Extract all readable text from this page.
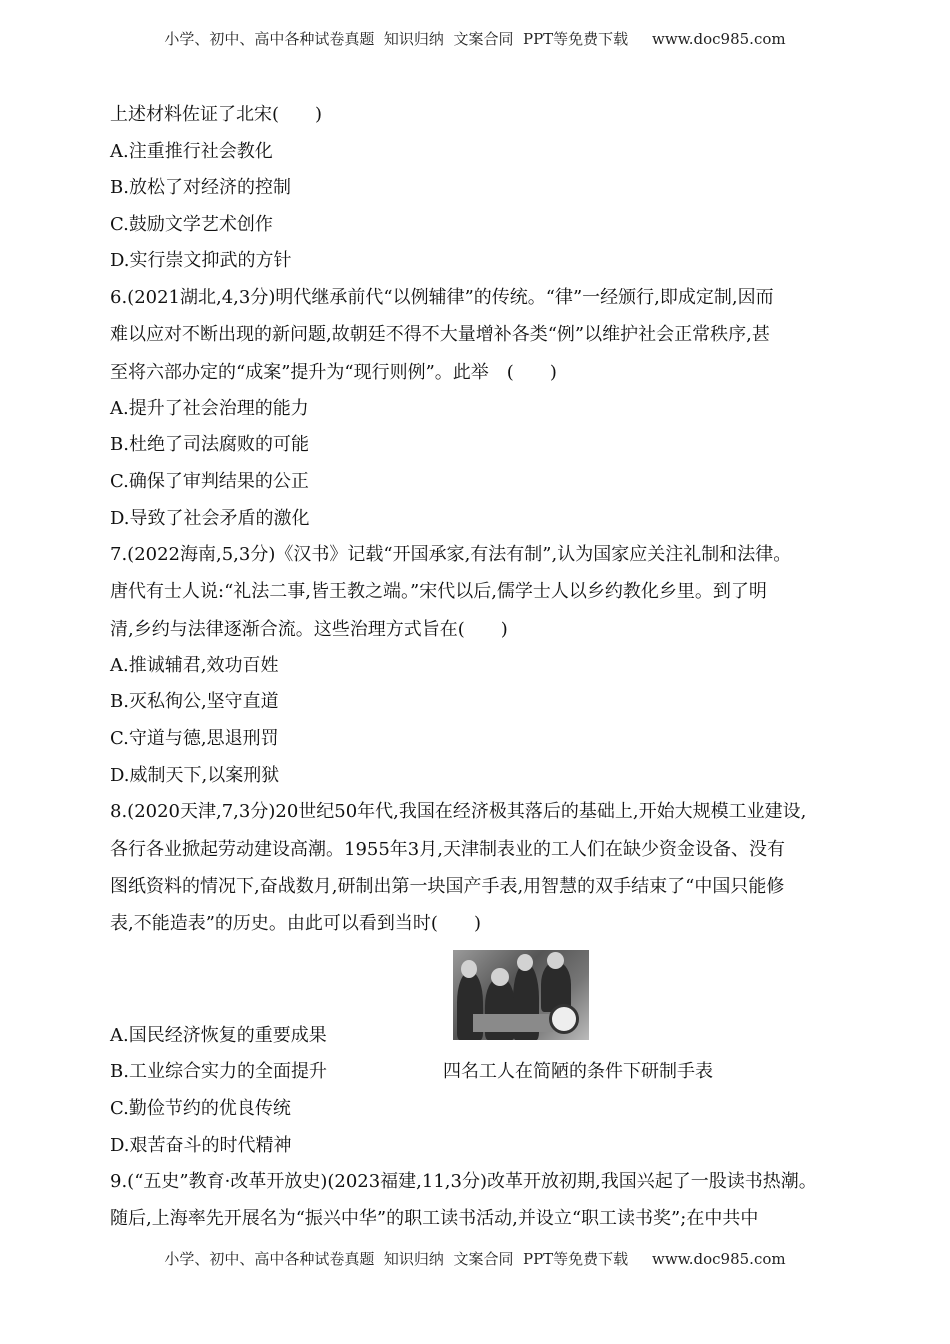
小学、初中、高中各种试卷真题  知识归纳  文案合同  PPT等免费下载     www.doc985.com
上述材料佐证了北宋(　　)
A.注重推行社会教化
B.放松了对经济的控制
C.鼓励文学艺术创作
D.实行崇文抑武的方针
6.(2021湖北,4,3分)明代继承前代“以例辅律”的传统。“律”一经颁行,即成定制,因而
难以应对不断出现的新问题,故朝廷不得不大量增补各类“例”以维护社会正常秩序,甚
至将六部办定的“成案”提升为“现行则例”。此举　(　　)
A.提升了社会治理的能力
B.杜绝了司法腐败的可能
C.确保了审判结果的公正
D.导致了社会矛盾的激化
7.(2022海南,5,3分)《汉书》记载“开国承家,有法有制”,认为国家应关注礼制和法律。
唐代有士人说:“礼法二事,皆王教之端。”宋代以后,儒学士人以乡约教化乡里。到了明
清,乡约与法律逐渐合流。这些治理方式旨在(　　)
A.推诚辅君,效功百姓
B.灭私徇公,坚守直道
C.守道与德,思退刑罚
D.威制天下,以案刑狱
8.(2020天津,7,3分)20世纪50年代,我国在经济极其落后的基础上,开始大规模工业建设,
各行各业掀起劳动建设高潮。1955年3月,天津制表业的工人们在缺少资金设备、没有
图纸资料的情况下,奋战数月,研制出第一块国产手表,用智慧的双手结束了“中国只能修
表,不能造表”的历史。由此可以看到当时(　　)
A.国民经济恢复的重要成果
B.工业综合实力的全面提升	四名工人在简陋的条件下研制手表
C.勤俭节约的优良传统
D.艰苦奋斗的时代精神
9.(“五史”教育·改革开放史)(2023福建,11,3分)改革开放初期,我国兴起了一股读书热潮。
随后,上海率先开展名为“振兴中华”的职工读书活动,并设立“职工读书奖”;在中共中
小学、初中、高中各种试卷真题  知识归纳  文案合同  PPT等免费下载     www.doc985.com
